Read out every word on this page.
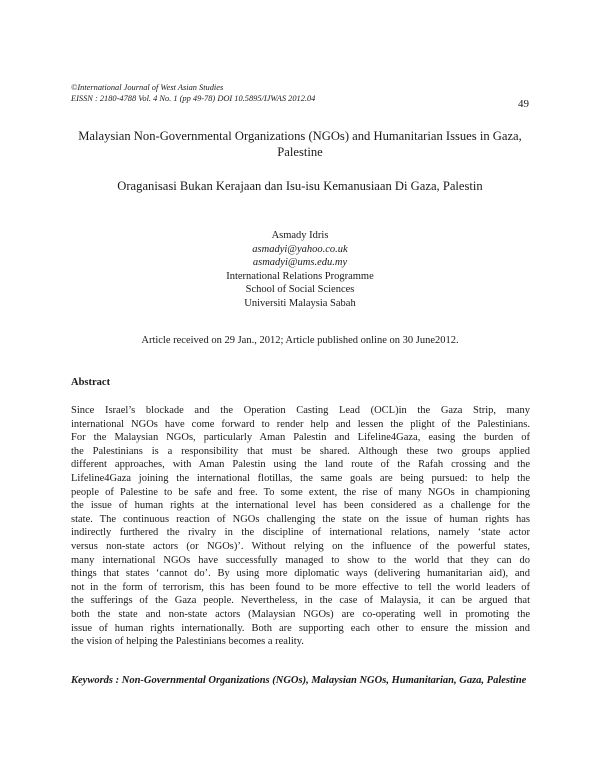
©International Journal of West Asian Studies
EISSN : 2180-4788 Vol. 4 No. 1 (pp 49-78) DOI 10.5895/IJWAS 2012.04	49
Malaysian Non-Governmental Organizations (NGOs) and Humanitarian Issues in Gaza, Palestine
Oraganisasi Bukan Kerajaan dan Isu-isu Kemanusiaan Di Gaza, Palestin
Asmady Idris
asmadyi@yahoo.co.uk
asmadyi@ums.edu.my
International Relations Programme
School of Social Sciences
Universiti Malaysia Sabah
Article received on 29 Jan., 2012; Article published online on 30 June2012.
Abstract
Since Israel’s blockade and the Operation Casting Lead (OCL)in the Gaza Strip, many
international NGOs have come forward to render help and lessen the plight of the Palestinians.
For the Malaysian NGOs, particularly Aman Palestin and Lifeline4Gaza, easing the burden of
the Palestinians is a responsibility that must be shared. Although these two groups applied
different approaches, with Aman Palestin using the land route of the Rafah crossing and the
Lifeline4Gaza joining the international flotillas, the same goals are being pursued: to help the
people of Palestine to be safe and free. To some extent, the rise of many NGOs in championing
the issue of human rights at the international level has been considered as a challenge for the
state. The continuous reaction of NGOs challenging the state on the issue of human rights has
indirectly furthered the rivalry in the discipline of international relations, namely ‘state actor
versus non-state actors (or NGOs)’. Without relying on the influence of the powerful states,
many international NGOs have successfully managed to show to the world that they can do
things that states ‘cannot do’. By using more diplomatic ways (delivering humanitarian aid), and
not in the form of terrorism, this has been found to be more effective to tell the world leaders of
the sufferings of the Gaza people. Nevertheless, in the case of Malaysia, it can be argued that
both the state and non-state actors (Malaysian NGOs) are co-operating well in promoting the
issue of human rights internationally. Both are supporting each other to ensure the mission and
the vision of helping the Palestinians becomes a reality.
Keywords : Non-Governmental Organizations (NGOs), Malaysian NGOs, Humanitarian, Gaza, Palestine
